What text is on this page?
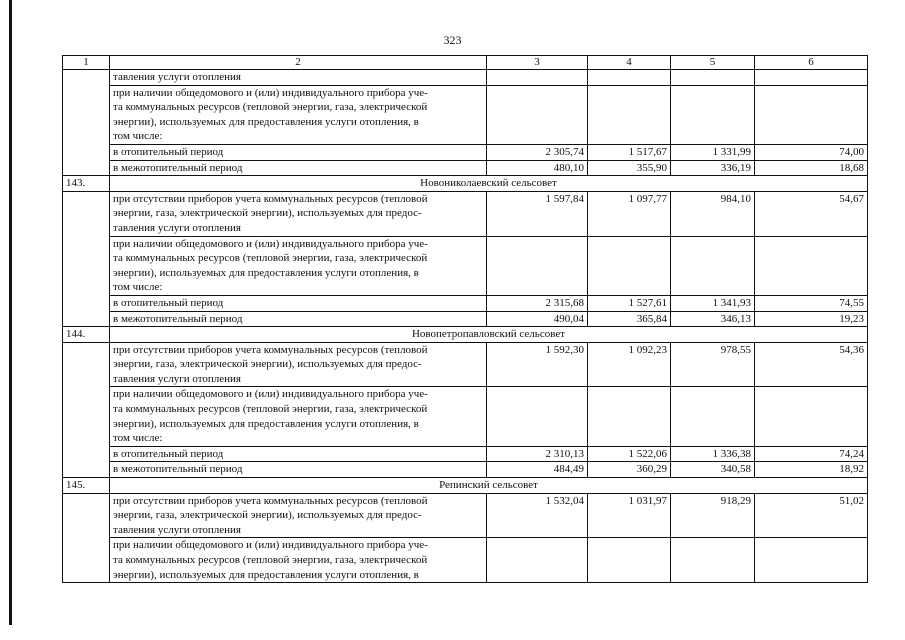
323
1	2	3	4	5	6

	тавления услуги отопления				

	при наличии общедомового и (или) индивидуального прибора уче-
та коммунальных ресурсов (тепловой энергии, газа, электрической
энергии), используемых для предоставления услуги отопления, в
том числе:				

	в отопительный период	2 305,74	1 517,67	1 331,99	74,00

	в межотопительный период	480,10	355,90	336,19	18,68
143.	Новониколаевский сельсовет				

	при отсутствии приборов учета коммунальных ресурсов (тепловой
энергии, газа, электрической энергии), используемых для предос-
тавления услуги отопления	1 597,84	1 097,77	984,10	54,67

	при наличии общедомового и (или) индивидуального прибора уче-
та коммунальных ресурсов (тепловой энергии, газа, электрической
энергии), используемых для предоставления услуги отопления, в
том числе:				

	в отопительный период	2 315,68	1 527,61	1 341,93	74,55

	в межотопительный период	490,04	365,84	346,13	19,23
144.	Новопетропавловский сельсовет				

	при отсутствии приборов учета коммунальных ресурсов (тепловой
энергии, газа, электрической энергии), используемых для предос-
тавления услуги отопления	1 592,30	1 092,23	978,55	54,36

	при наличии общедомового и (или) индивидуального прибора уче-
та коммунальных ресурсов (тепловой энергии, газа, электрической
энергии), используемых для предоставления услуги отопления, в
том числе:				

	в отопительный период	2 310,13	1 522,06	1 336,38	74,24

	в межотопительный период	484,49	360,29	340,58	18,92
145.	Репинский сельсовет				

	при отсутствии приборов учета коммунальных ресурсов (тепловой
энергии, газа, электрической энергии), используемых для предос-
тавления услуги отопления	1 532,04	1 031,97	918,29	51,02

	при наличии общедомового и (или) индивидуального прибора уче-
та коммунальных ресурсов (тепловой энергии, газа, электрической
энергии), используемых для предоставления услуги отопления, в				
